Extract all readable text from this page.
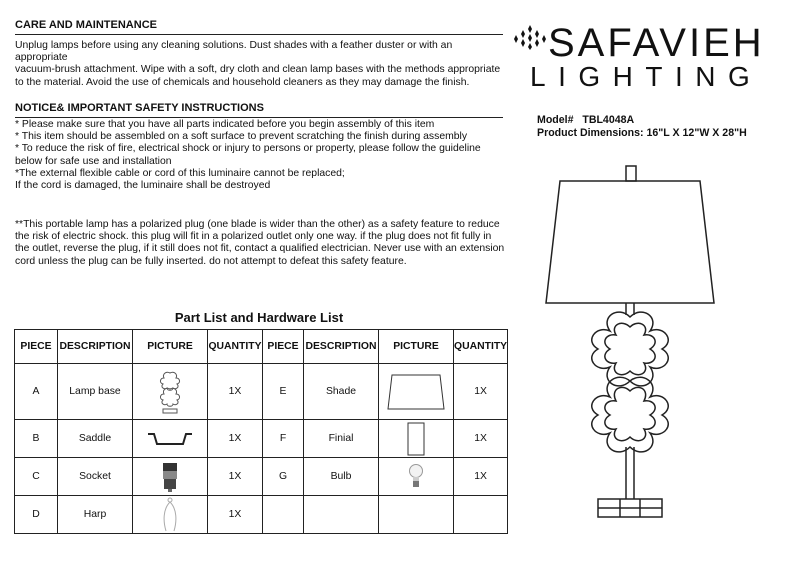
CARE AND MAINTENANCE
Unplug lamps before using any cleaning solutions. Dust shades with a feather duster or with an appropriate
vacuum-brush attachment. Wipe with a soft, dry cloth and clean lamp bases with the methods appropriate
to the material. Avoid the use of chemicals and household cleaners as they may damage the finish.
NOTICE& IMPORTANT SAFETY INSTRUCTIONS
* Please make sure that you have all parts indicated before you begin assembly of this item
* This item should be assembled on a soft surface to prevent scratching the finish during assembly
* To reduce the risk of fire, electrical shock or injury to persons or property, please follow the guideline
below for safe use and installation
*The external flexible cable or cord of this luminaire cannot be replaced;
If the cord is damaged, the luminaire shall be destroyed
**This portable lamp has a polarized plug (one blade is wider than the other) as a safety feature to reduce
the risk of electric shock. this plug will fit in a polarized outlet only one way. if the plug does not fit fully in
the outlet, reverse the plug, if it still does not fit, contact a qualified electrician. Never use with an extension
cord unless the plug can be fully inserted. do not attempt to defeat this safety feature.
SAFAVIEH
LIGHTING
Model# TBL4048A
Product Dimensions: 16"L X 12"W X 28"H
Part List and Hardware List
PIECE	DESCRIPTION	PICTURE	QUANTITY	PIECE	DESCRIPTION	PICTURE	QUANTITY
A	Lamp base		1X	E	Shade		1X
B	Saddle		1X	F	Finial		1X
C	Socket		1X	G	Bulb		1X
D	Harp		1X				
